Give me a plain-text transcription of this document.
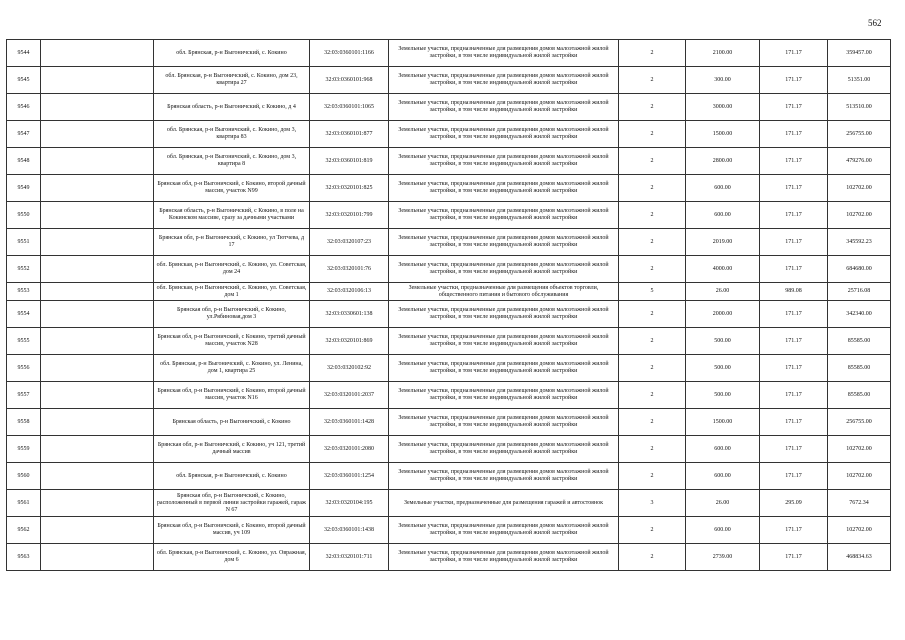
562
9544		обл. Брянская, р-н Выгоничский, с. Кокино	32:03:0360101:1166	Земельные участки, предназначенные для размещения домов малоэтажной жилой застройки, в том числе индивидуальной жилой застройки	2	2100.00	171.17	359457.00
9545		обл. Брянская, р-н Выгоничский, с. Кокино, дом 23, квартира 27	32:03:0360101:968	Земельные участки, предназначенные для размещения домов малоэтажной жилой застройки, в том числе индивидуальной жилой застройки	2	300.00	171.17	51351.00
9546		Брянская область, р-н Выгоничский, с Кокино, д 4	32:03:0360101:1065	Земельные участки, предназначенные для размещения домов малоэтажной жилой застройки, в том числе индивидуальной жилой застройки	2	3000.00	171.17	513510.00
9547		обл. Брянская, р-н Выгоничский, с. Кокино, дом 3, квартира 83	32:03:0360101:877	Земельные участки, предназначенные для размещения домов малоэтажной жилой застройки, в том числе индивидуальной жилой застройки	2	1500.00	171.17	256755.00
9548		обл. Брянская, р-н Выгоничский, с. Кокино, дом 3, квартира 8	32:03:0360101:819	Земельные участки, предназначенные для размещения домов малоэтажной жилой застройки, в том числе индивидуальной жилой застройки	2	2800.00	171.17	479276.00
9549		Брянская обл, р-н Выгоничский, с Кокино, второй дачный массив, участок N99	32:03:0320101:825	Земельные участки, предназначенные для размещения домов малоэтажной жилой застройки, в том числе индивидуальной жилой застройки	2	600.00	171.17	102702.00
9550		Брянская область, р-н Выгоничский, с Кокино, в поле на Кокинском массиве, сразу за дачными участками	32:03:0320101:799	Земельные участки, предназначенные для размещения домов малоэтажной жилой застройки, в том числе индивидуальной жилой застройки	2	600.00	171.17	102702.00
9551		Брянская обл, р-н Выгоничский, с Кокино, ул Тютчева, д 17	32:03:0320107:23	Земельные участки, предназначенные для размещения домов малоэтажной жилой застройки, в том числе индивидуальной жилой застройки	2	2019.00	171.17	345592.23
9552		обл. Брянская, р-н Выгоничский, с. Кокино, ул. Советская, дом 24	32:03:0320101:76	Земельные участки, предназначенные для размещения домов малоэтажной жилой застройки, в том числе индивидуальной жилой застройки	2	4000.00	171.17	684680.00
9553		обл. Брянская, р-н Выгоничский, с. Кокино, ул. Советская, дом 1	32:03:0320106:13	Земельные участки, предназначенные для размещения объектов торговли, общественного питания и бытового обслуживания	5	26.00	989.08	25716.08
9554		Брянская обл, р-н Выгоничский, с Кокино, ул.Рябиновая,дом 3	32:03:0330601:138	Земельные участки, предназначенные для размещения домов малоэтажной жилой застройки, в том числе индивидуальной жилой застройки	2	2000.00	171.17	342340.00
9555		Брянская обл, р-н Выгоничский, с Кокино, третий дачный массив, участок N28	32:03:0320101:869	Земельные участки, предназначенные для размещения домов малоэтажной жилой застройки, в том числе индивидуальной жилой застройки	2	500.00	171.17	85585.00
9556		обл. Брянская, р-н Выгоничский, с. Кокино, ул. Ленина, дом 1, квартира 25	32:03:0320102:92	Земельные участки, предназначенные для размещения домов малоэтажной жилой застройки, в том числе индивидуальной жилой застройки	2	500.00	171.17	85585.00
9557		Брянская обл, р-н Выгоничский, с Кокино, второй дачный массив, участок N16	32:03:0320101:2037	Земельные участки, предназначенные для размещения домов малоэтажной жилой застройки, в том числе индивидуальной жилой застройки	2	500.00	171.17	85585.00
9558		Брянская область, р-н Выгоничский, с Кокино	32:03:0360101:1428	Земельные участки, предназначенные для размещения домов малоэтажной жилой застройки, в том числе индивидуальной жилой застройки	2	1500.00	171.17	256755.00
9559		Брянская обл, р-н Выгоничский, с Кокино, уч 121, третий дачный массив	32:03:0320101:2080	Земельные участки, предназначенные для размещения домов малоэтажной жилой застройки, в том числе индивидуальной жилой застройки	2	600.00	171.17	102702.00
9560		обл. Брянская, р-н Выгоничский, с. Кокино	32:03:0360101:1254	Земельные участки, предназначенные для размещения домов малоэтажной жилой застройки, в том числе индивидуальной жилой застройки	2	600.00	171.17	102702.00
9561		Брянская обл, р-н Выгоничский, с Кокино, расположенный в первой линии застройки гаражей, гараж N 67	32:03:0320104:195	Земельные участки, предназначенные для размещения гаражей и автостоянок	3	26.00	295.09	7672.34
9562		Брянская обл, р-н Выгоничский, с Кокино, второй дачный массив, уч 109	32:03:0360101:1438	Земельные участки, предназначенные для размещения домов малоэтажной жилой застройки, в том числе индивидуальной жилой застройки	2	600.00	171.17	102702.00
9563		обл. Брянская, р-н Выгоничский, с. Кокино, ул. Овражная, дом 6	32:03:0320101:711	Земельные участки, предназначенные для размещения домов малоэтажной жилой застройки, в том числе индивидуальной жилой застройки	2	2739.00	171.17	468834.63
